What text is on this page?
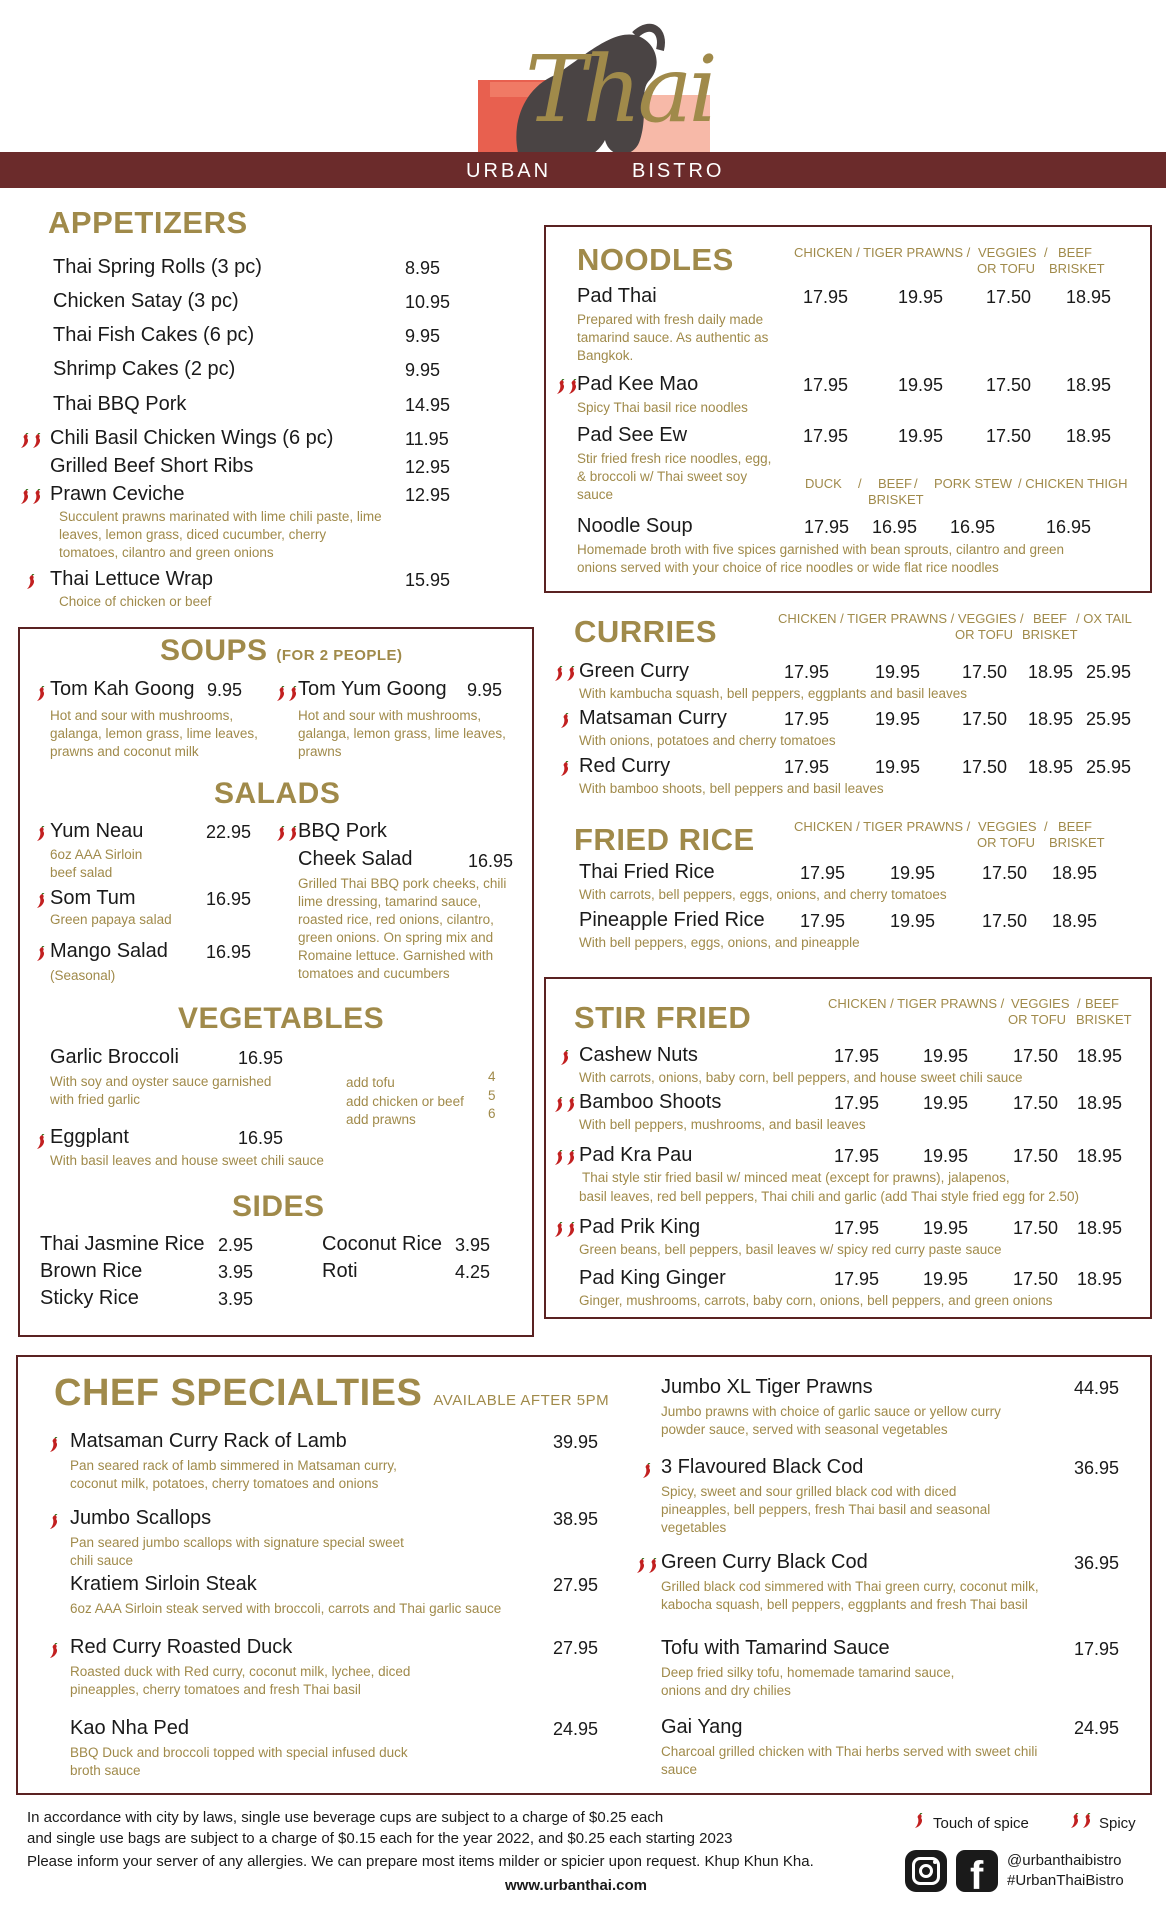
Thai
URBAN	BISTRO
APPETIZERS
Thai Spring Rolls (3 pc)	8.95
Chicken Satay (3 pc)	10.95
Thai Fish Cakes (6 pc)	9.95
Shrimp Cakes (2 pc)	9.95
Thai BBQ Pork	14.95
Chili Basil Chicken Wings (6 pc)	11.95
Grilled Beef Short Ribs	12.95
Prawn Ceviche	12.95
Succulent prawns marinated with lime chili paste, lime leaves, lemon grass, diced cucumber, cherry tomatoes, cilantro and green onions
Thai Lettuce Wrap	15.95
Choice of chicken or beef
NOODLES	CHICKEN / TIGER PRAWNS / VEGGIES / BEEF
OR TOFU BRISKET
Pad Thai	17.95	19.95 17.50 18.95
Prepared with fresh daily made tamarind sauce. As authentic as Bangkok.
Pad Kee Mao	17.95	19.95 17.50 18.95
Spicy Thai basil rice noodles
Pad See Ew	17.95	19.95 17.50 18.95
Stir fried fresh rice noodles, egg, & broccoli w/ Thai sweet soy sauce
Noodle Soup	17.95 16.95 16.95	16.95
Homemade broth with five spices garnished with bean sprouts, cilantro and green onions served with your choice of rice noodles or wide flat rice noodles
DUCK / BEEF / PORK STEW / CHICKEN THIGH
BRISKET
SOUPS (FOR 2 PEOPLE)
Tom Kah Goong 9.95
Hot and sour with mushrooms, galanga, lemon grass, lime leaves, prawns and coconut milk
Tom Yum Goong 9.95
Hot and sour with mushrooms, galanga, lemon grass, lime leaves, prawns
SALADS
Yum Neau	22.95
6oz AAA Sirloin beef salad
Som Tum	16.95
Green papaya salad
Mango Salad 16.95
(Seasonal)
BBQ Pork
Cheek Salad	16.95
Grilled Thai BBQ pork cheeks, chili lime dressing, tamarind sauce, roasted rice, red onions, cilantro, green onions. On spring mix and Romaine lettuce. Garnished with tomatoes and cucumbers
VEGETABLES
Garlic Broccoli	16.95
With soy and oyster sauce garnished with fried garlic
Eggplant	16.95
With basil leaves and house sweet chili sauce
add tofu	4
add chicken or beef 5
add prawns	6
SIDES
Thai Jasmine Rice 2.95
Brown Rice	3.95
Sticky Rice	3.95
Coconut Rice 3.95
Roti	4.25
CURRIES	CHICKEN / TIGER PRAWNS / VEGGIES / BEEF / OX TAIL
OR TOFU BRISKET
Green Curry	17.95	19.95 17.50 18.95 25.95
With kambucha squash, bell peppers, eggplants and basil leaves
Matsaman Curry	17.95	19.95 17.50 18.95 25.95
With onions, potatoes and cherry tomatoes
Red Curry	17.95	19.95 17.50 18.95 25.95
With bamboo shoots, bell peppers and basil leaves
FRIED RICE	CHICKEN / TIGER PRAWNS / VEGGIES / BEEF
OR TOFU BRISKET
Thai Fried Rice	17.95 19.95	17.50 18.95
With carrots, bell peppers, eggs, onions, and cherry tomatoes
Pineapple Fried Rice 17.95 19.95	17.50 18.95
With bell peppers, eggs, onions, and pineapple
STIR FRIED	CHICKEN / TIGER PRAWNS / VEGGIES / BEEF
OR TOFU BRISKET
Cashew Nuts	17.95 19.95 17.50 18.95
With carrots, onions, baby corn, bell peppers, and house sweet chili sauce
Bamboo Shoots	17.95 19.95 17.50 18.95
With bell peppers, mushrooms, and basil leaves
Pad Kra Pau	17.95 19.95 17.50 18.95
Thai style stir fried basil w/ minced meat (except for prawns), jalapenos,
basil leaves, red bell peppers, Thai chili and garlic (add Thai style fried egg for 2.50)
Pad Prik King	17.95 19.95 17.50 18.95
Green beans, bell peppers, basil leaves w/ spicy red curry paste sauce
Pad King Ginger	17.95 19.95 17.50 18.95
Ginger, mushrooms, carrots, baby corn, onions, bell peppers, and green onions
CHEF SPECIALTIES AVAILABLE AFTER 5PM
Matsaman Curry Rack of Lamb	39.95
Pan seared rack of lamb simmered in Matsaman curry, coconut milk, potatoes, cherry tomatoes and onions
Jumbo Scallops	38.95
Pan seared jumbo scallops with signature special sweet chili sauce
Kratiem Sirloin Steak	27.95
6oz AAA Sirloin steak served with broccoli, carrots and Thai garlic sauce
Red Curry Roasted Duck	27.95
Roasted duck with Red curry, coconut milk, lychee, diced pineapples, cherry tomatoes and fresh Thai basil
Kao Nha Ped	24.95
BBQ Duck and broccoli topped with special infused duck broth sauce
Jumbo XL Tiger Prawns	44.95
Jumbo prawns with choice of garlic sauce or yellow curry powder sauce, served with seasonal vegetables
3 Flavoured Black Cod	36.95
Spicy, sweet and sour grilled black cod with diced pineapples, bell peppers, fresh Thai basil and seasonal vegetables
Green Curry Black Cod	36.95
Grilled black cod simmered with Thai green curry, coconut milk, kabocha squash, bell peppers, eggplants and fresh Thai basil
Tofu with Tamarind Sauce	17.95
Deep fried silky tofu, homemade tamarind sauce, onions and dry chilies
Gai Yang	24.95
Charcoal grilled chicken with Thai herbs served with sweet chili sauce
In accordance with city by laws, single use beverage cups are subject to a charge of $0.25 each
and single use bags are subject to a charge of $0.15 each for the year 2022, and $0.25 each starting 2023
Please inform your server of any allergies. We can prepare most items milder or spicier upon request. Khup Khun Kha.
www.urbanthai.com
Touch of spice	Spicy
f @urbanthaibistro
#UrbanThaiBistro
